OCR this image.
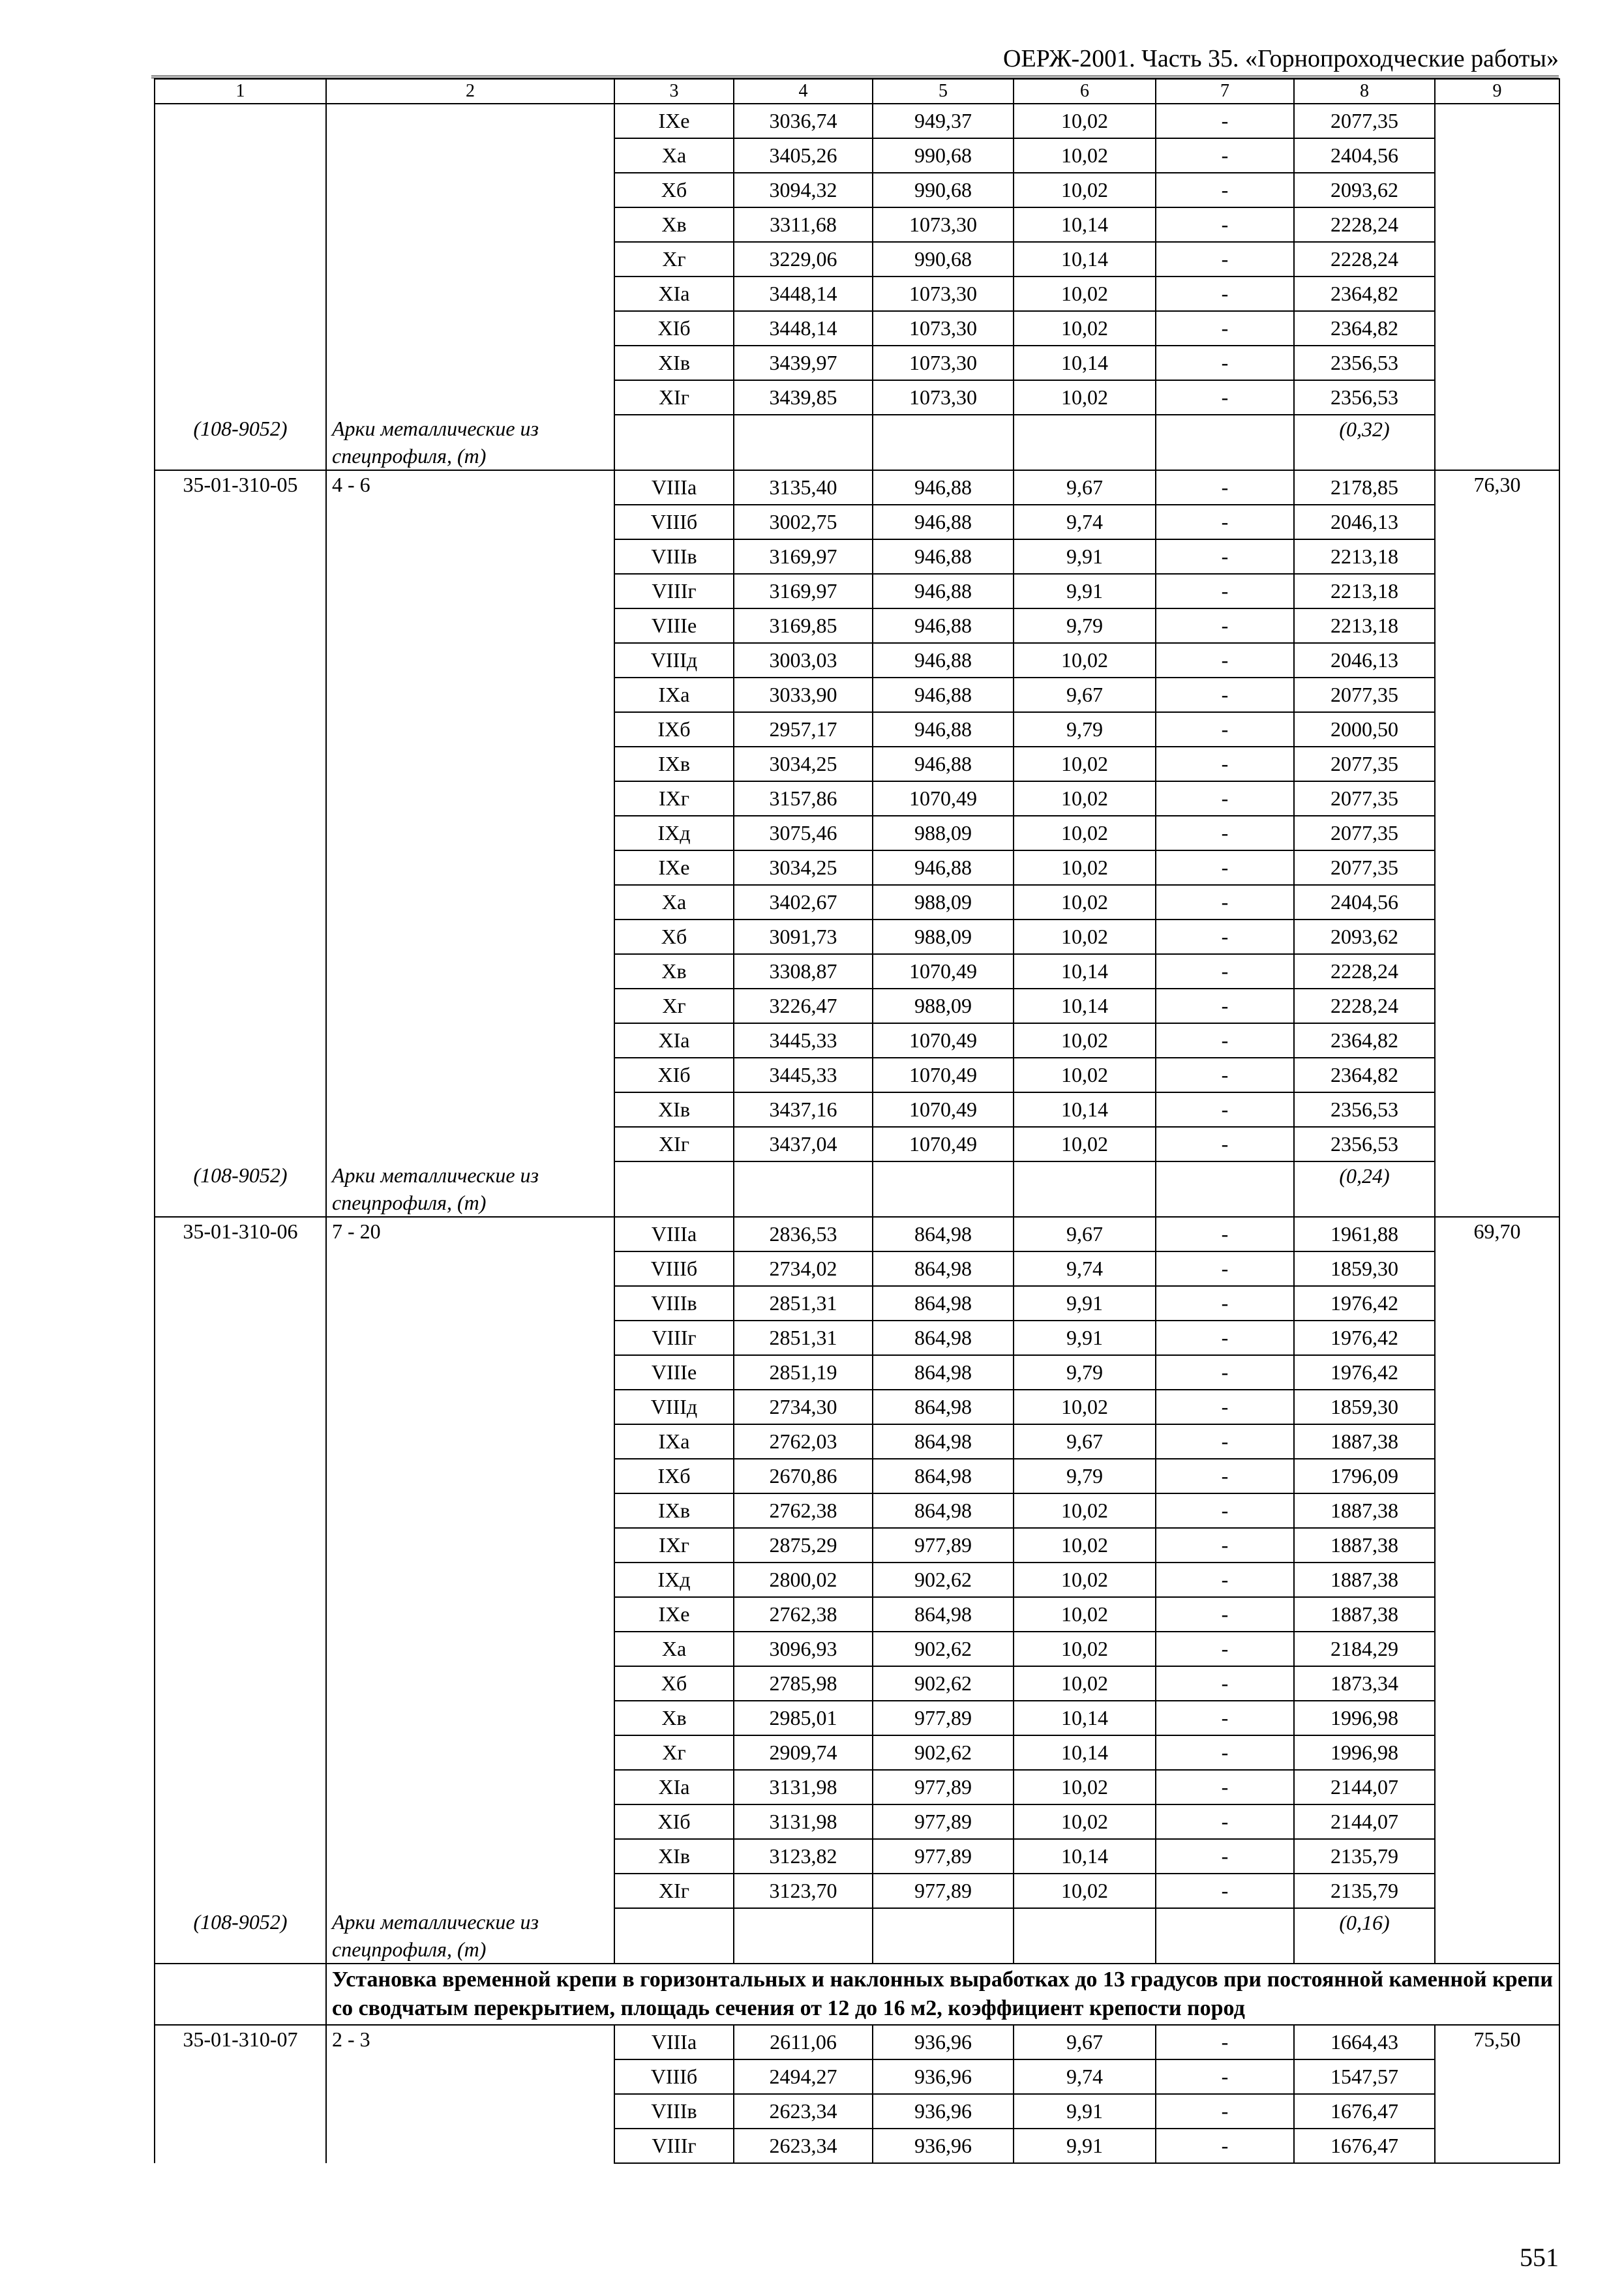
ОЕРЖ-2001. Часть 35. «Горнопроходческие работы»
1	2	3	4	5	6	7	8	9
		IXе	3036,74	949,37	10,02	-	2077,35	
		Xа	3405,26	990,68	10,02	-	2404,56	
		Xб	3094,32	990,68	10,02	-	2093,62	
		Xв	3311,68	1073,30	10,14	-	2228,24	
		Xг	3229,06	990,68	10,14	-	2228,24	
		XIа	3448,14	1073,30	10,02	-	2364,82	
		XIб	3448,14	1073,30	10,02	-	2364,82	
		XIв	3439,97	1073,30	10,14	-	2356,53	
		XIг	3439,85	1073,30	10,02	-	2356,53	
(108-9052)	Арки металлические из спецпрофиля, (т)						(0,32)	
35-01-310-05	4 - 6	VIIIа	3135,40	946,88	9,67	-	2178,85	76,30
		VIIIб	3002,75	946,88	9,74	-	2046,13	
		VIIIв	3169,97	946,88	9,91	-	2213,18	
		VIIIг	3169,97	946,88	9,91	-	2213,18	
		VIIIе	3169,85	946,88	9,79	-	2213,18	
		VIIIд	3003,03	946,88	10,02	-	2046,13	
		IXа	3033,90	946,88	9,67	-	2077,35	
		IXб	2957,17	946,88	9,79	-	2000,50	
		IXв	3034,25	946,88	10,02	-	2077,35	
		IXг	3157,86	1070,49	10,02	-	2077,35	
		IXд	3075,46	988,09	10,02	-	2077,35	
		IXе	3034,25	946,88	10,02	-	2077,35	
		Xа	3402,67	988,09	10,02	-	2404,56	
		Xб	3091,73	988,09	10,02	-	2093,62	
		Xв	3308,87	1070,49	10,14	-	2228,24	
		Xг	3226,47	988,09	10,14	-	2228,24	
		XIа	3445,33	1070,49	10,02	-	2364,82	
		XIб	3445,33	1070,49	10,02	-	2364,82	
		XIв	3437,16	1070,49	10,14	-	2356,53	
		XIг	3437,04	1070,49	10,02	-	2356,53	
(108-9052)	Арки металлические из спецпрофиля, (т)						(0,24)	
35-01-310-06	7 - 20	VIIIа	2836,53	864,98	9,67	-	1961,88	69,70
		VIIIб	2734,02	864,98	9,74	-	1859,30	
		VIIIв	2851,31	864,98	9,91	-	1976,42	
		VIIIг	2851,31	864,98	9,91	-	1976,42	
		VIIIе	2851,19	864,98	9,79	-	1976,42	
		VIIIд	2734,30	864,98	10,02	-	1859,30	
		IXа	2762,03	864,98	9,67	-	1887,38	
		IXб	2670,86	864,98	9,79	-	1796,09	
		IXв	2762,38	864,98	10,02	-	1887,38	
		IXг	2875,29	977,89	10,02	-	1887,38	
		IXд	2800,02	902,62	10,02	-	1887,38	
		IXе	2762,38	864,98	10,02	-	1887,38	
		Xа	3096,93	902,62	10,02	-	2184,29	
		Xб	2785,98	902,62	10,02	-	1873,34	
		Xв	2985,01	977,89	10,14	-	1996,98	
		Xг	2909,74	902,62	10,14	-	1996,98	
		XIа	3131,98	977,89	10,02	-	2144,07	
		XIб	3131,98	977,89	10,02	-	2144,07	
		XIв	3123,82	977,89	10,14	-	2135,79	
		XIг	3123,70	977,89	10,02	-	2135,79	
(108-9052)	Арки металлические из спецпрофиля, (т)						(0,16)	
	Установка временной крепи в горизонтальных и наклонных выработках до 13 градусов при постоянной каменной крепи со сводчатым перекрытием, площадь сечения от 12 до 16 м2, коэффициент крепости пород							
35-01-310-07	2 - 3	VIIIа	2611,06	936,96	9,67	-	1664,43	75,50
		VIIIб	2494,27	936,96	9,74	-	1547,57	
		VIIIв	2623,34	936,96	9,91	-	1676,47	
		VIIIг	2623,34	936,96	9,91	-	1676,47	
551
